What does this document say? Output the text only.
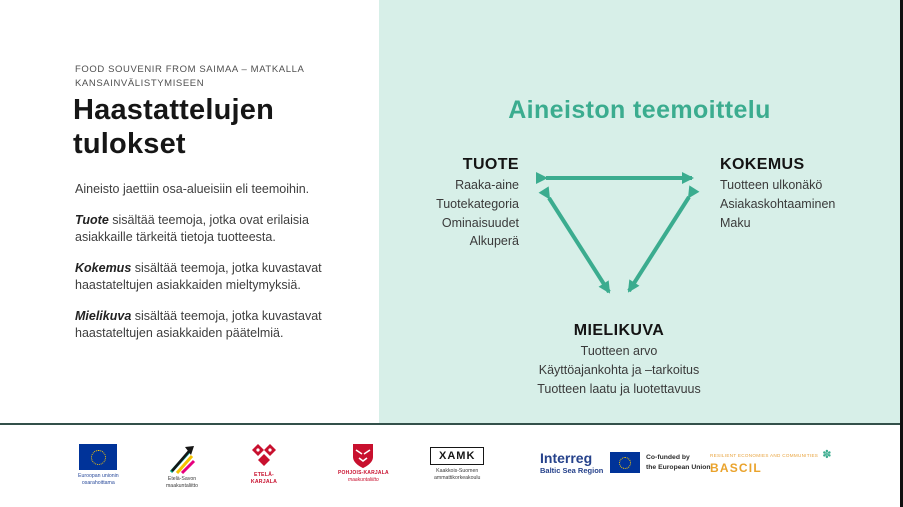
FOOD SOUVENIR FROM SAIMAA – MATKALLA KANSAINVÄLISTYMISEEN
Haastattelujen tulokset

Aineisto jaettiin osa-alueisiin eli teemoihin.

Tuote sisältää teemoja, jotka ovat erilaisia asiakkaille tärkeitä tietoja tuotteesta.

Kokemus sisältää teemoja, jotka kuvastavat haastateltujen asiakkaiden mieltymyksiä.

Mielikuva sisältää teemoja, jotka kuvastavat haastateltujen asiakkaiden päätelmiä.

Aineiston teemoittelu
TUOTE
Raaka-aine
Tuotekategoria
Ominaisuudet
Alkuperä
KOKEMUS
Tuotteen ulkonäkö
Asiakaskohtaaminen
Maku
MIELIKUVA
Tuotteen arvo
Käyttöajankohta ja –tarkoitus
Tuotteen laatu ja luotettavuus
Euroopan unionin
osarahoittama
Etelä-Savon
maakuntaliitto
ETELÄ-
KARJALA
POHJOIS-KARJALA
maakuntaliitto
XAMK
Kaakkois-Suomen
ammattikorkeakoulu
Interreg
Baltic Sea Region
Co-funded by
the European Union
RESILIENT ECONOMIES AND COMMUNITIES ✽
BASCIL
